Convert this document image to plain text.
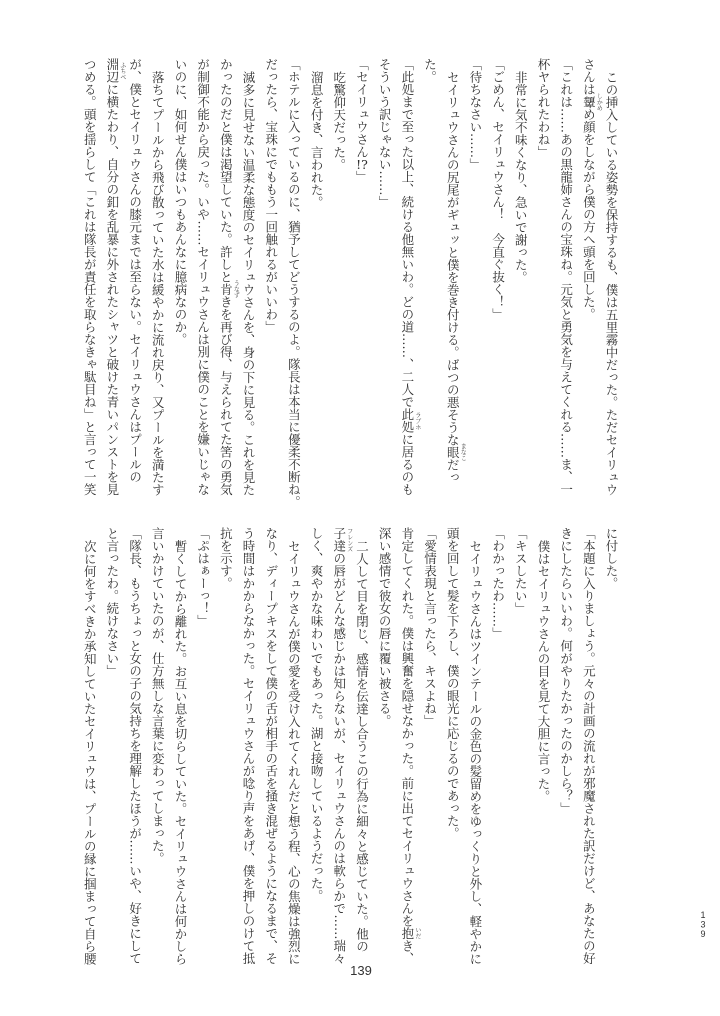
この挿入している姿勢を保持するも、僕は五里霧中だった。ただセイリュウ
さんは顰 しかめ
め顔をしながら僕の方へ頭を回した。
「これは……あの黒龍姉さんの宝珠ね。元気と勇気を与えてくれる……ま、一
杯ヤられたわね」
非常に気不味くなり、急いで謝った。
「ごめん、セイリュウさん！　今直ぐ抜く！」
「待ちなさい……」
セイリュウさんの尻尾がギュッと僕を巻き付ける。ばつの悪そうな眼 まなこ
だっ
た。
「此処まで至った以上、続ける他無いわ。どの道……、二人で此処 ラブホ
に居るのも
そういう訳じゃない……」
「セイリュウさん!?」
吃驚仰天だった。
溜息を付き、言われた。
「ホテルに入っているのに、猶予してどうするのよ。隊長は本当に優柔不断ね。
だったら、宝珠にでももう一回触れるがいいわ」
滅多に見せない温柔な態度のセイリュウさんを、身の下に見る。これを見た
かったのだと僕は渇望していた。許しと肯 うなず
きを再び得、与えられてた筈の勇気
が制御不能から戻った。いや……セイリュウさんは別に僕のことを嫌いじゃな
いのに、如何せん僕はいつもあんなに臆病なのか。
落ちてプールから飛び散っていた水は緩やかに流れ戻り、又プールを満たす
が、僕とセイリュウさんの膝元までは至らない。セイリュウさんはプールの
淵辺 ふちべ
に横たわり、自分の釦を乱暴に外されたシャツと破けた青いパンストを見
つめる。頭を揺らして「これは隊長が責任を取らなきゃ駄目ね」と言って一笑
に付した。
「本題に入りましょう。元々の計画の流れが邪魔された訳だけど、あなたの好
きにしたらいいわ。何がやりたかったのかしら？」
僕はセイリュウさんの目を見て大胆に言った。
「キスしたい」
「わかったわ……」
セイリュウさんはツインテールの金色の髪留めをゆっくりと外し、軽やかに
頭を回して髪を下ろし、僕の眼光に応じるのであった。
「愛情表現と言ったら、キスよね」
肯定してくれた。僕は興奮を隠せなかった。前に出てセイリュウさんを抱 いだ
き、
深い感情で彼女の唇に覆い被さる。
二人して目を閉じ、感情を伝達し合うこの行為に細々と感じていた。他の
子達 フレンズ
の唇がどんな感じかは知らないが、セイリュウさんのは軟らかで……瑞々
しく、爽やかな味わいでもあった。湖と接吻しているようだった。
セイリュウさんが僕の愛を受け入れてくれんだと想う程、心の焦燥は強烈に
なり、ディープキスをして僕の舌が相手の舌を掻き混ぜるようになるまで、そ
う時間はかからなかった。セイリュウさんが唸り声をあげ、僕を押しのけて抵
抗を示す。
「ぷはぁーっ！」
暫くしてから離れた。お互い息を切らしていた。セイリュウさんは何かしら
言いかけていたのが、仕方無しな言葉に変わってしまった。
「隊長、もうちょっと女の子の気持ちを理解したほうが……いや、好きにして
と言ったわ。続けなさい」
次に何をすべきか承知していたセイリュウは、プールの縁に掴まって自ら腰
139
139
